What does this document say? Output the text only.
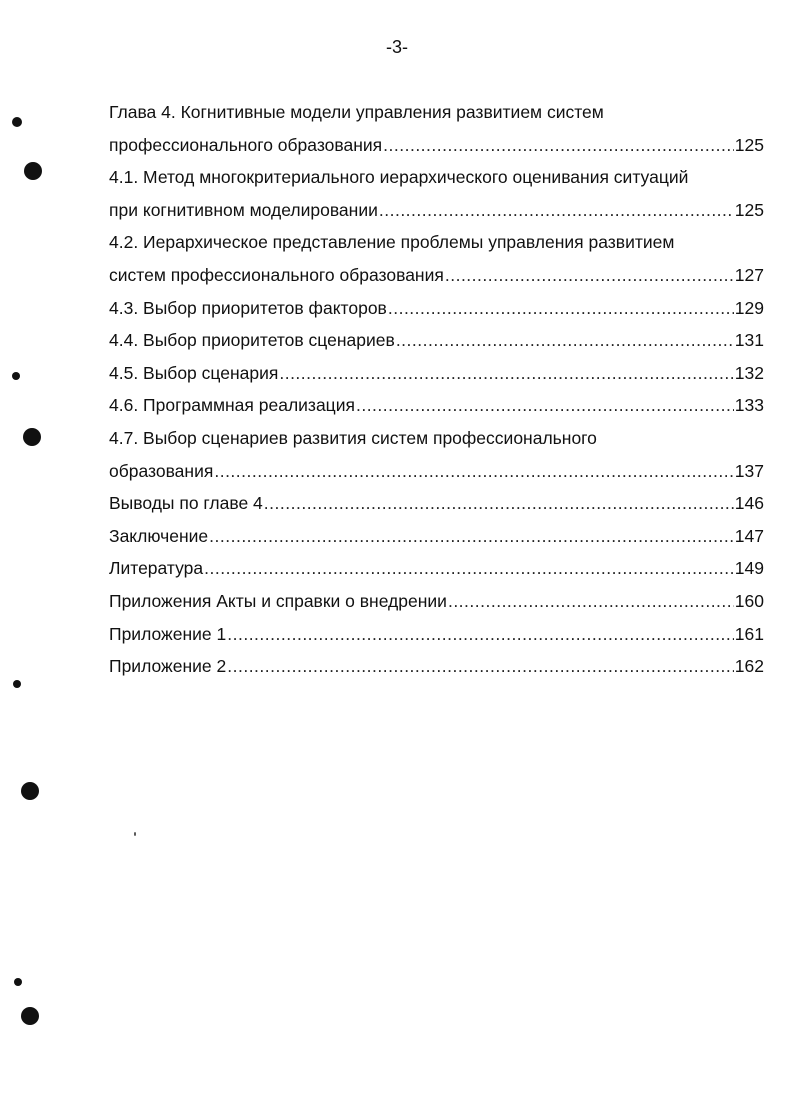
-3-
Глава 4. Когнитивные модели управления развитием систем
профессионального образования .....	125
4.1. Метод многокритериального иерархического оценивания ситуаций
при когнитивном моделировании .....	125
4.2. Иерархическое представление проблемы управления развитием
систем профессионального образования .....	127
4.3. Выбор приоритетов факторов .....	129
4.4. Выбор приоритетов сценариев .....	131
4.5. Выбор сценария .....	132
4.6. Программная реализация .....	133
4.7. Выбор сценариев развития систем профессионального
образования .....	137
Выводы по главе 4 .....	146
Заключение .....	147
Литература .....	149
Приложения Акты и справки о внедрении .....	160
Приложение 1 .....	161
Приложение 2 .....	162
